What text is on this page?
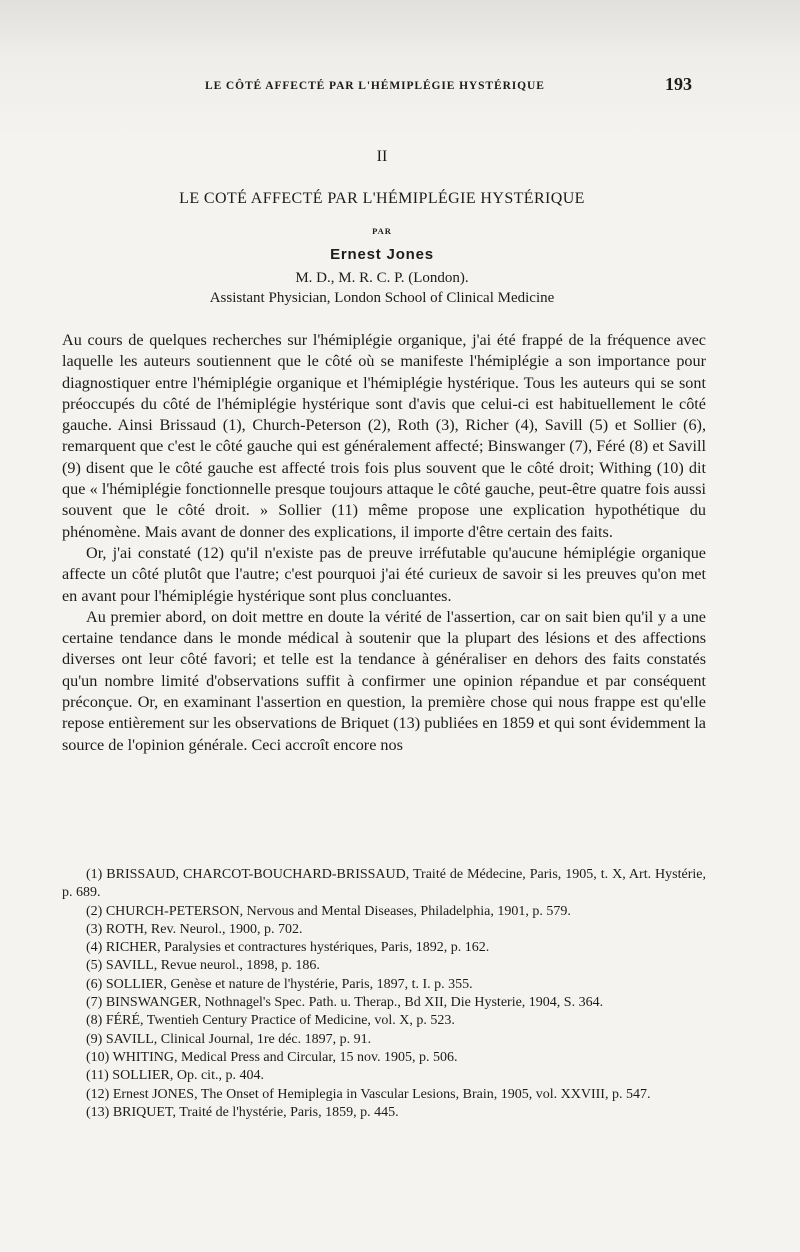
LE CÔTÉ AFFECTÉ PAR L'HÉMIPLÉGIE HYSTÉRIQUE	193
II
LE COTÉ AFFECTÉ PAR L'HÉMIPLÉGIE HYSTÉRIQUE
PAR
Ernest Jones
M. D., M. R. C. P. (London).
Assistant Physician, London School of Clinical Medicine

Au cours de quelques recherches sur l'hémiplégie organique, j'ai été frappé de la fréquence avec laquelle les auteurs soutiennent que le côté où se manifeste l'hémiplégie a son importance pour diagnostiquer entre l'hémiplégie organique et l'hémiplégie hystérique. Tous les auteurs qui se sont préoccupés du côté de l'hémiplégie hystérique sont d'avis que celui-ci est habituellement le côté gauche. Ainsi Brissaud (1), Church-Peterson (2), Roth (3), Richer (4), Savill (5) et Sollier (6), remarquent que c'est le côté gauche qui est généralement affecté; Binswanger (7), Féré (8) et Savill (9) disent que le côté gauche est affecté trois fois plus souvent que le côté droit; Withing (10) dit que « l'hémiplégie fonctionnelle presque toujours attaque le côté gauche, peut-être quatre fois aussi souvent que le côté droit. » Sollier (11) même propose une explication hypothétique du phénomène. Mais avant de donner des explications, il importe d'être certain des faits.

Or, j'ai constaté (12) qu'il n'existe pas de preuve irréfutable qu'aucune hémiplégie organique affecte un côté plutôt que l'autre; c'est pourquoi j'ai été curieux de savoir si les preuves qu'on met en avant pour l'hémiplégie hystérique sont plus concluantes.

Au premier abord, on doit mettre en doute la vérité de l'assertion, car on sait bien qu'il y a une certaine tendance dans le monde médical à soutenir que la plupart des lésions et des affections diverses ont leur côté favori; et telle est la tendance à généraliser en dehors des faits constatés qu'un nombre limité d'observations suffit à confirmer une opinion répandue et par conséquent préconçue. Or, en examinant l'assertion en question, la première chose qui nous frappe est qu'elle repose entièrement sur les observations de Briquet (13) publiées en 1859 et qui sont évidemment la source de l'opinion générale. Ceci accroît encore nos

(1) BRISSAUD, CHARCOT-BOUCHARD-BRISSAUD, Traité de Médecine, Paris, 1905, t. X, Art. Hystérie, p. 689.

(2) CHURCH-PETERSON, Nervous and Mental Diseases, Philadelphia, 1901, p. 579.

(3) ROTH, Rev. Neurol., 1900, p. 702.

(4) RICHER, Paralysies et contractures hystériques, Paris, 1892, p. 162.

(5) SAVILL, Revue neurol., 1898, p. 186.

(6) SOLLIER, Genèse et nature de l'hystérie, Paris, 1897, t. I. p. 355.

(7) BINSWANGER, Nothnagel's Spec. Path. u. Therap., Bd XII, Die Hysterie, 1904, S. 364.

(8) FÉRÉ, Twentieh Century Practice of Medicine, vol. X, p. 523.

(9) SAVILL, Clinical Journal, 1re déc. 1897, p. 91.

(10) WHITING, Medical Press and Circular, 15 nov. 1905, p. 506.

(11) SOLLIER, Op. cit., p. 404.

(12) Ernest JONES, The Onset of Hemiplegia in Vascular Lesions, Brain, 1905, vol. XXVIII, p. 547.

(13) BRIQUET, Traité de l'hystérie, Paris, 1859, p. 445.
